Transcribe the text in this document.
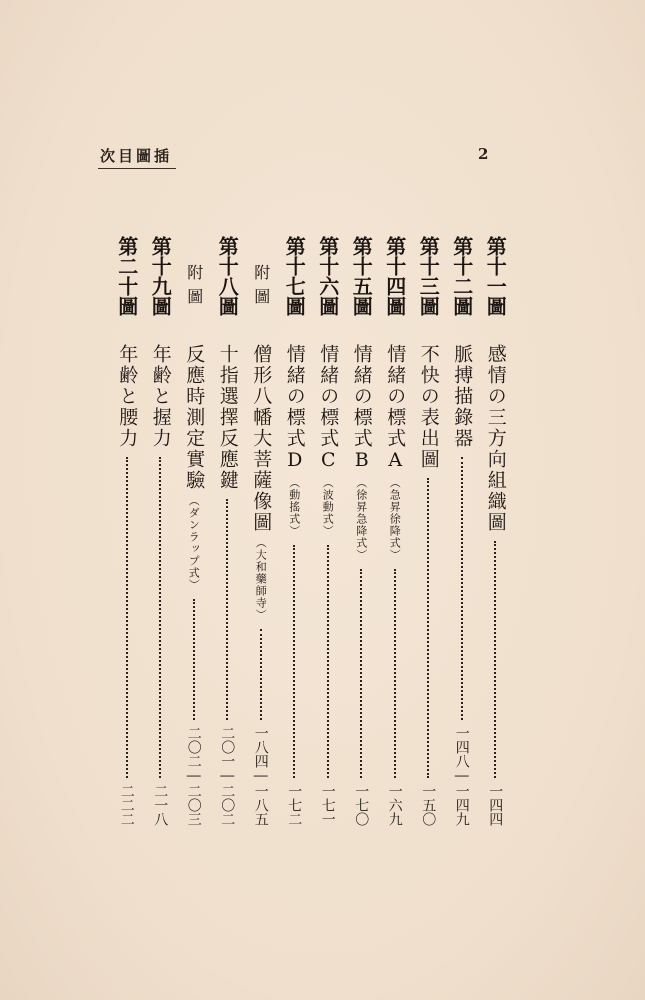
次目圖插	2
第十一圖
感情の三方向組織圖
一四四
第十二圖
脈搏描錄器
一四八―一四九
第十三圖
不快の表出圖
一五〇
第十四圖
情緒の標式A
（急昇徐降式）
一六九
第十五圖
情緒の標式B
（徐昇急降式）
一七〇
第十六圖
情緒の標式C
（波動式）
一七一
第十七圖
情緒の標式D
（動搖式）
一七二
附圖
僧形八幡大菩薩像圖
（大和藥師寺）
一八四―一八五
第十八圖
十指選擇反應鍵
二〇一―二〇二
附圖
反應時測定實驗
（ダンラップ式）
二〇二―二〇三
第十九圖
年齢と握力
二一八
第二十圖
年齢と腰力
二二二
